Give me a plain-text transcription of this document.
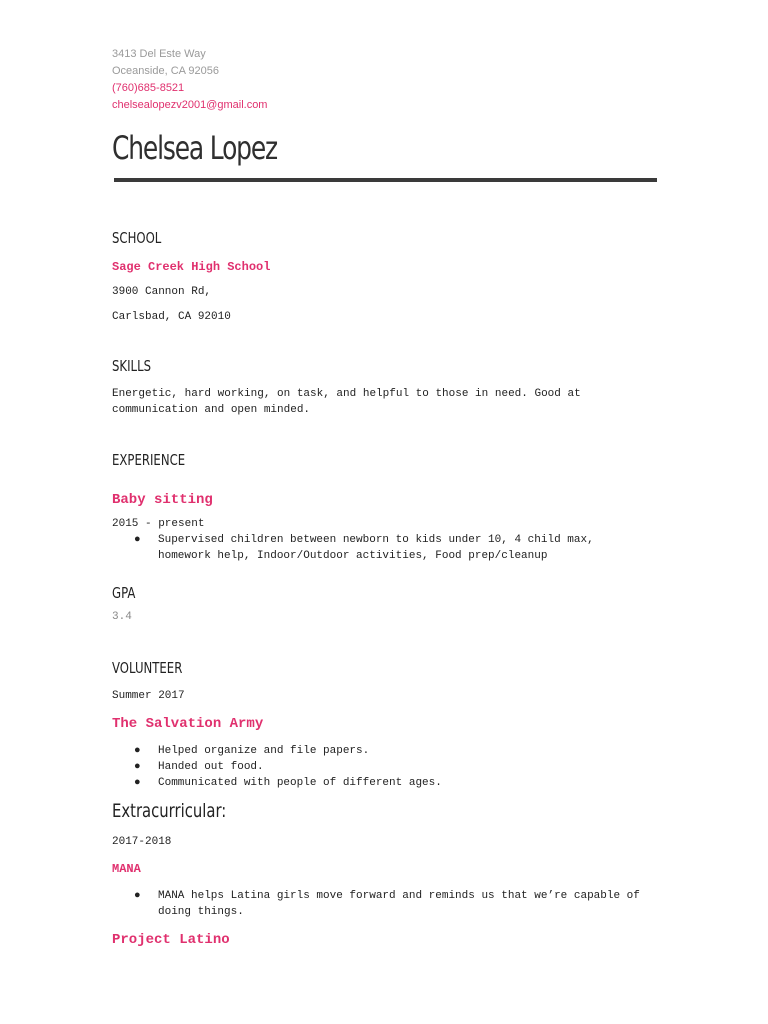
3413 Del Este Way
Oceanside, CA 92056
(760)685-8521
chelsealopezv2001@gmail.com
Chelsea Lopez
SCHOOL
Sage Creek High School
3900 Cannon Rd,
Carlsbad, CA 92010
SKILLS
Energetic, hard working, on task, and helpful to those in need. Good at
communication and open minded.
EXPERIENCE
Baby sitting
2015 - present
● Supervised children between newborn to kids under 10, 4 child max,
homework help, Indoor/Outdoor activities, Food prep/cleanup
GPA
3.4
VOLUNTEER
Summer 2017
The Salvation Army
● Helped organize and file papers.
● Handed out food.
● Communicated with people of different ages.
Extracurricular:
2017-2018
MANA
● MANA helps Latina girls move forward and reminds us that we’re capable of
doing things.
Project Latino
